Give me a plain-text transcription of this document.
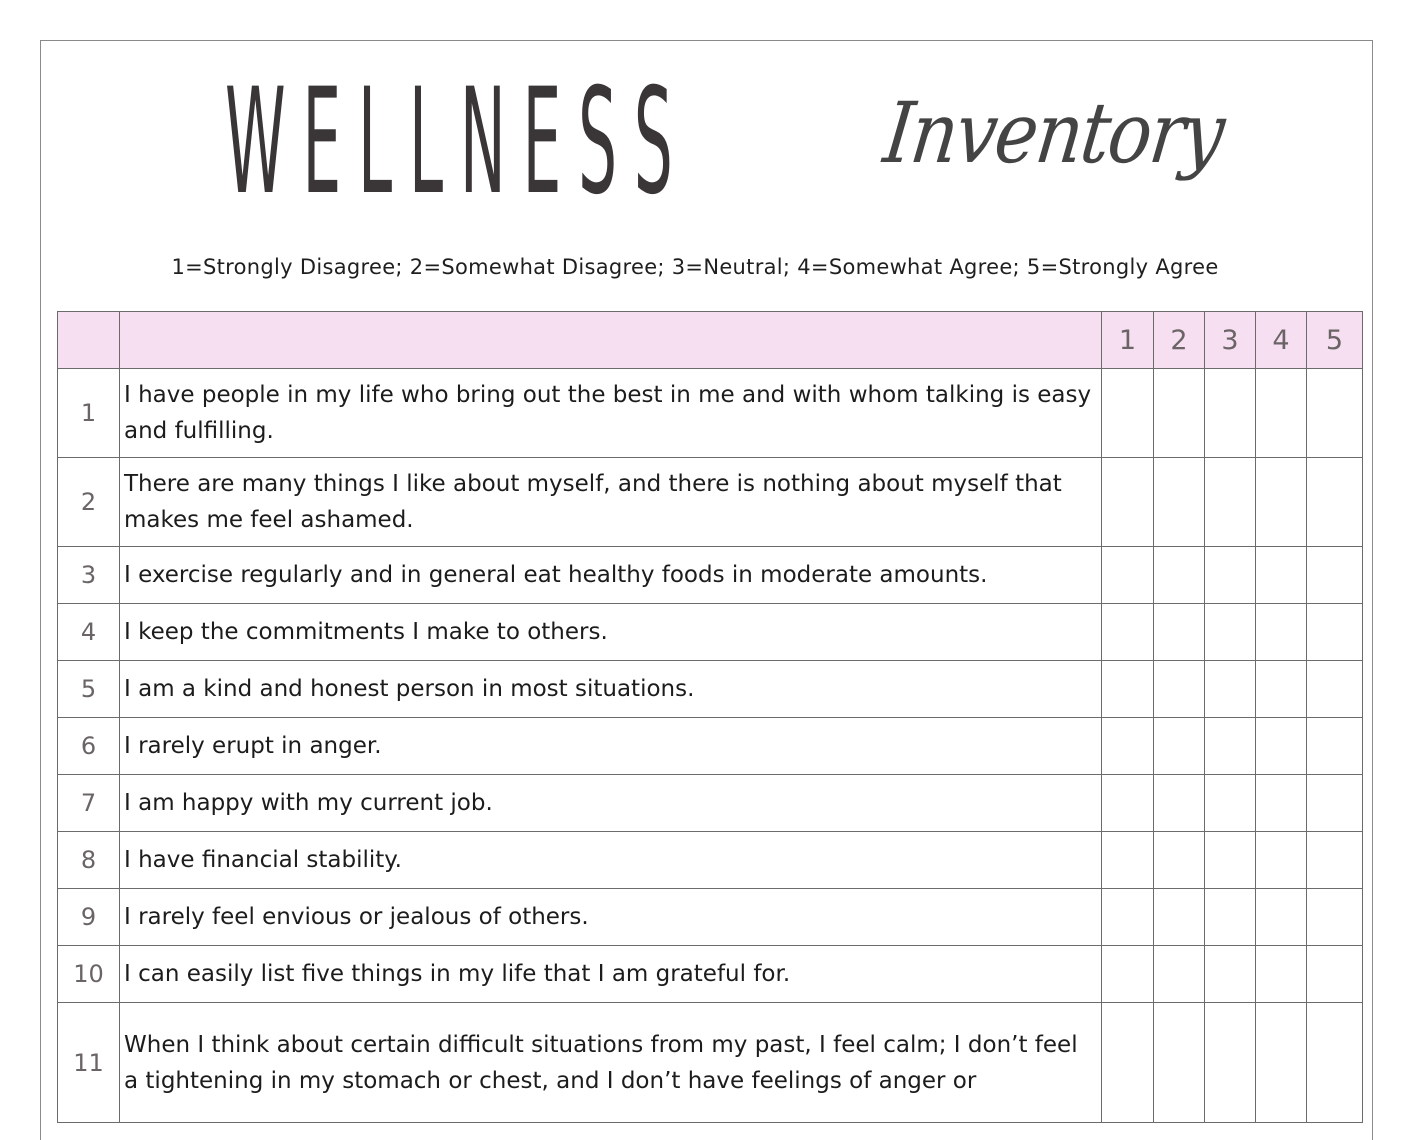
WELLNESS Inventory
1=Strongly Disagree; 2=Somewhat Disagree; 3=Neutral; 4=Somewhat Agree; 5=Strongly Agree
		1	2	3	4	5
1	I have people in my life who bring out the best in me and with whom talking is easy and fulfilling.					
2	There are many things I like about myself, and there is nothing about myself that makes me feel ashamed.					
3	I exercise regularly and in general eat healthy foods in moderate amounts.					
4	I keep the commitments I make to others.					
5	I am a kind and honest person in most situations.					
6	I rarely erupt in anger.					
7	I am happy with my current job.					
8	I have financial stability.					
9	I rarely feel envious or jealous of others.					
10	I can easily list five things in my life that I am grateful for.					
11	When I think about certain difficult situations from my past, I feel calm; I don’t feel a tightening in my stomach or chest, and I don’t have feelings of anger or					
